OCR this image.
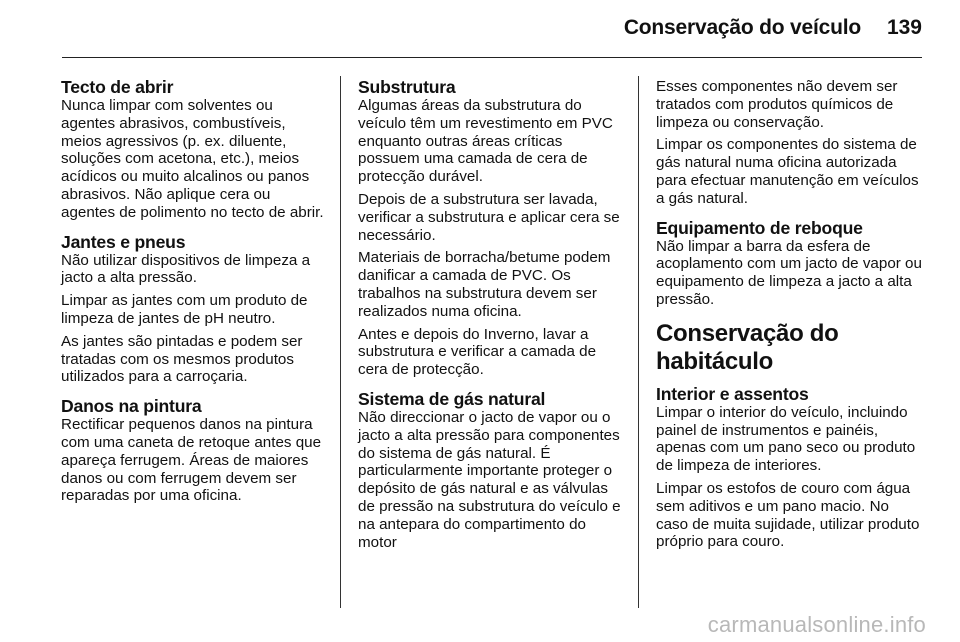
Conservação do veículo 139
Tecto de abrir

Nunca limpar com solventes ou agentes abrasivos, combustíveis, meios agressivos (p. ex. diluente, soluções com acetona, etc.), meios acídicos ou muito alcalinos ou panos abrasivos. Não aplique cera ou agentes de polimento no tecto de abrir.

Jantes e pneus

Não utilizar dispositivos de limpeza a jacto a alta pressão.

Limpar as jantes com um produto de limpeza de jantes de pH neutro.

As jantes são pintadas e podem ser tratadas com os mesmos produtos utilizados para a carroçaria.

Danos na pintura

Rectificar pequenos danos na pintura com uma caneta de retoque antes que apareça ferrugem. Áreas de maiores danos ou com ferrugem devem ser reparadas por uma oficina.

Substrutura

Algumas áreas da substrutura do veículo têm um revestimento em PVC enquanto outras áreas críticas possuem uma camada de cera de protecção durável.

Depois de a substrutura ser lavada, verificar a substrutura e aplicar cera se necessário.

Materiais de borracha/betume podem danificar a camada de PVC. Os trabalhos na substrutura devem ser realizados numa oficina.

Antes e depois do Inverno, lavar a substrutura e verificar a camada de cera de protecção.

Sistema de gás natural

Não direccionar o jacto de vapor ou o jacto a alta pressão para componentes do sistema de gás natural. É particularmente importante proteger o depósito de gás natural e as válvulas de pressão na substrutura do veículo e na antepara do compartimento do motor

Esses componentes não devem ser tratados com produtos químicos de limpeza ou conservação.

Limpar os componentes do sistema de gás natural numa oficina autorizada para efectuar manutenção em veículos a gás natural.

Equipamento de reboque

Não limpar a barra da esfera de acoplamento com um jacto de vapor ou equipamento de limpeza a jacto a alta pressão.

Conservação do habitáculo
Interior e assentos

Limpar o interior do veículo, incluindo painel de instrumentos e painéis, apenas com um pano seco ou produto de limpeza de interiores.

Limpar os estofos de couro com água sem aditivos e um pano macio. No caso de muita sujidade, utilizar produto próprio para couro.

carmanualsonline.info
